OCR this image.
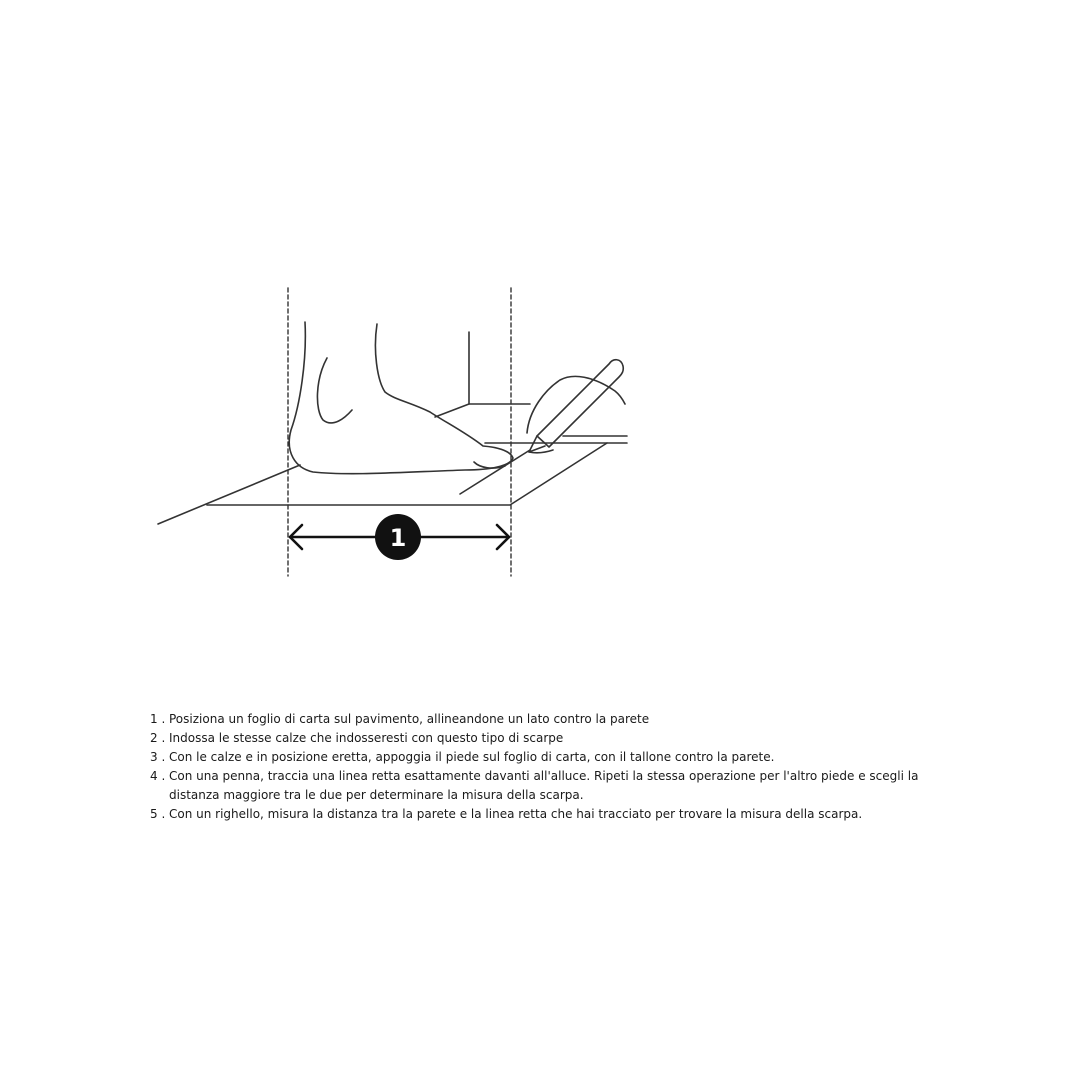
1
1 . Posiziona un foglio di carta sul pavimento, allineandone un lato contro la parete
2 . Indossa le stesse calze che indosseresti con questo tipo di scarpe
3 . Con le calze e in posizione eretta, appoggia il piede sul foglio di carta, con il tallone contro la parete.
4 . Con una penna, traccia una linea retta esattamente davanti all'alluce. Ripeti la stessa operazione per l'altro piede e scegli la distanza maggiore tra le due per determinare la misura della scarpa.
5 . Con un righello, misura la distanza tra la parete e la linea retta che hai tracciato per trovare la misura della scarpa.
